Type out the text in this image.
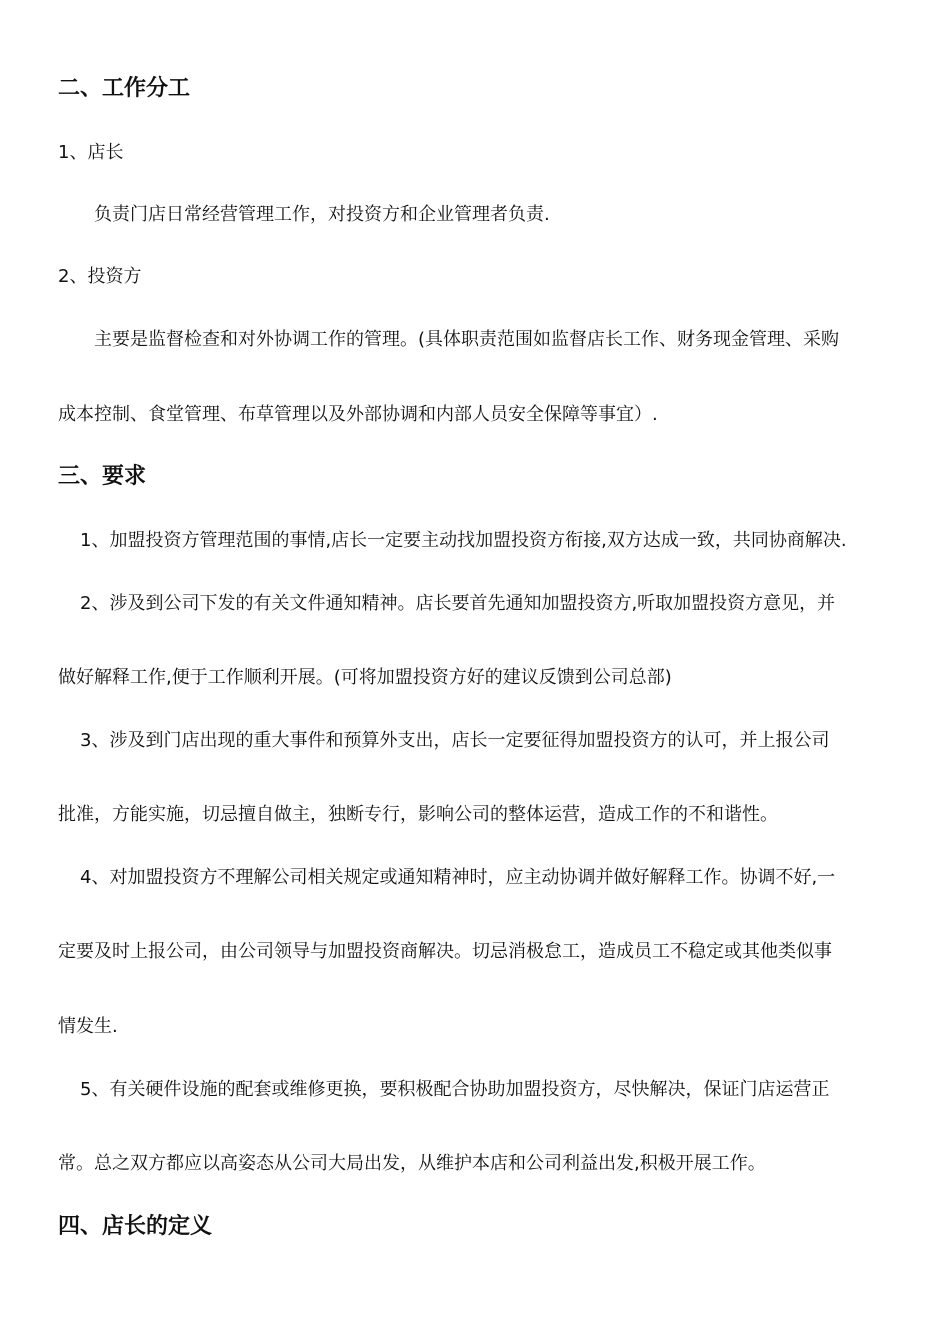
二、工作分工

1、店长

负责门店日常经营管理工作，对投资方和企业管理者负责.

2、投资方

主要是监督检查和对外协调工作的管理。(具体职责范围如监督店长工作、财务现金管理、采购

成本控制、食堂管理、布草管理以及外部协调和内部人员安全保障等事宜）.

三、要求

1、加盟投资方管理范围的事情,店长一定要主动找加盟投资方衔接,双方达成一致，共同协商解决.

2、涉及到公司下发的有关文件通知精神。店长要首先通知加盟投资方,听取加盟投资方意见，并

做好解释工作,便于工作顺利开展。(可将加盟投资方好的建议反馈到公司总部)

3、涉及到门店出现的重大事件和预算外支出，店长一定要征得加盟投资方的认可，并上报公司

批准，方能实施，切忌擅自做主，独断专行，影响公司的整体运营，造成工作的不和谐性。

4、对加盟投资方不理解公司相关规定或通知精神时，应主动协调并做好解释工作。协调不好,一

定要及时上报公司，由公司领导与加盟投资商解决。切忌消极怠工，造成员工不稳定或其他类似事

情发生.

5、有关硬件设施的配套或维修更换，要积极配合协助加盟投资方，尽快解决，保证门店运营正

常。总之双方都应以高姿态从公司大局出发，从维护本店和公司利益出发,积极开展工作。

四、店长的定义
